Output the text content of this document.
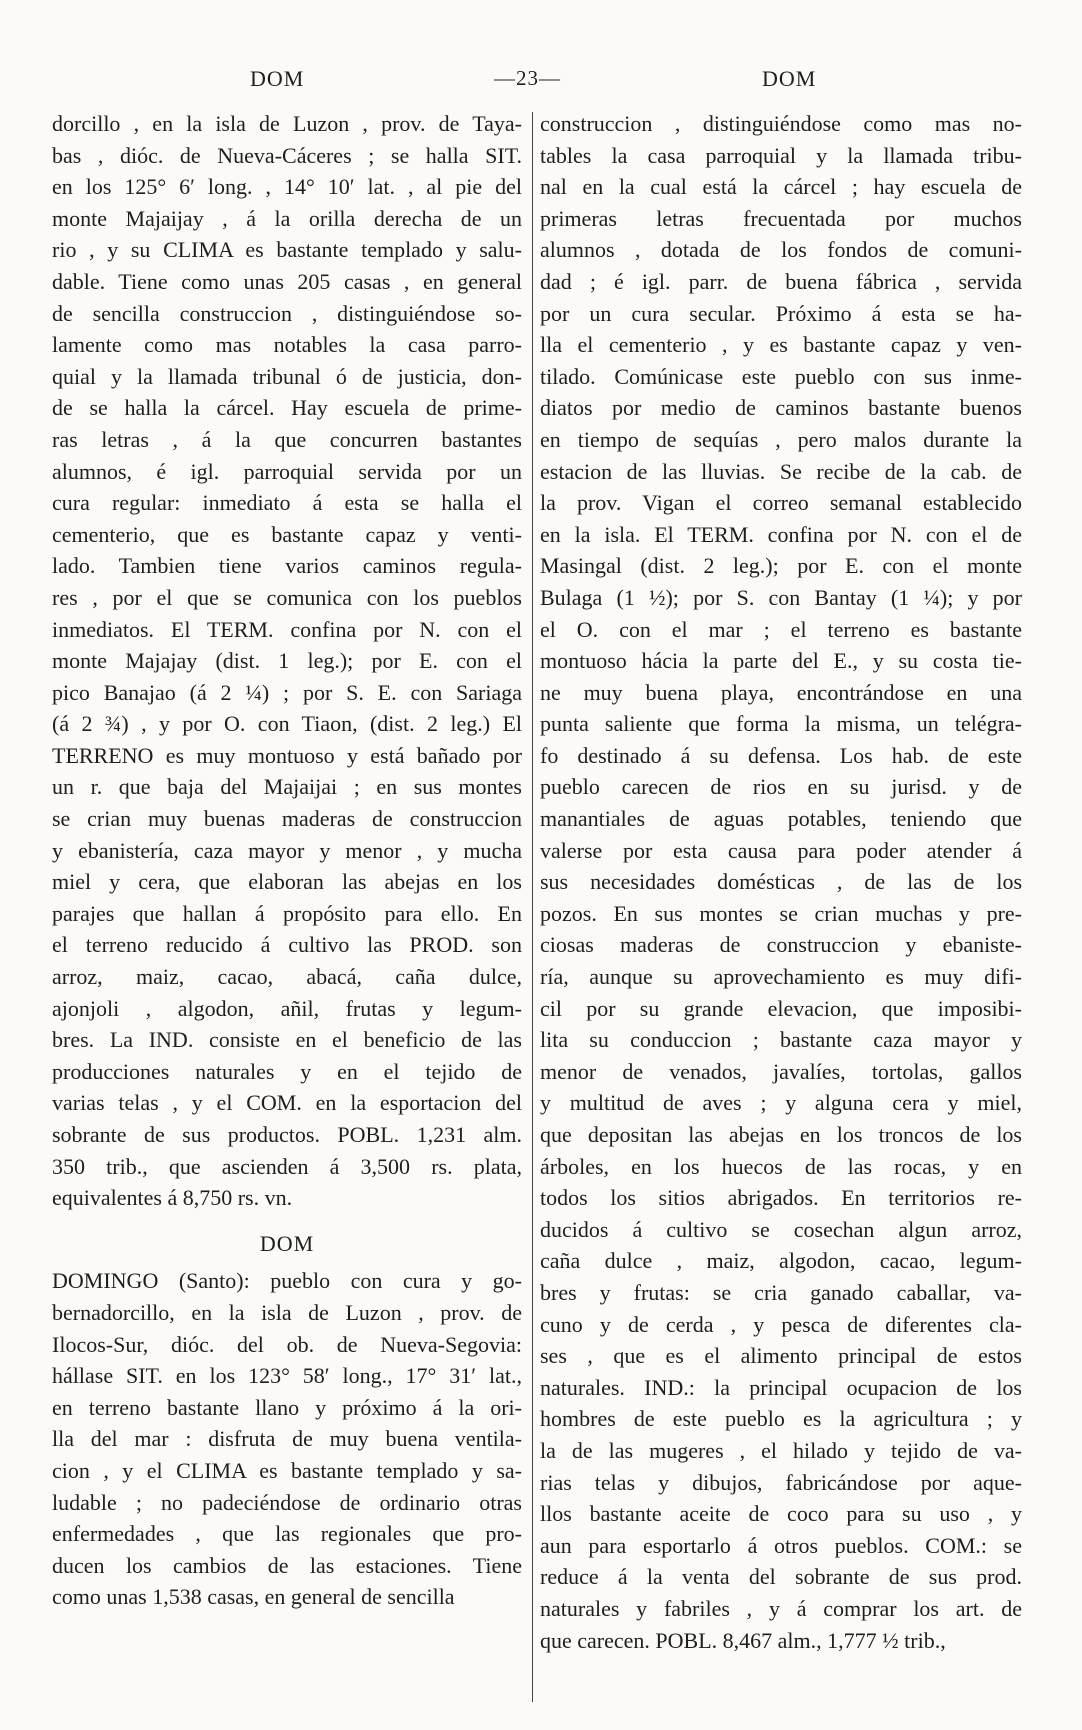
DOM	—23—	DOM
dorcillo , en la isla de Luzon , prov. de Taya-
bas , dióc. de Nueva-Cáceres ; se halla SIT.
en los 125° 6′ long. , 14° 10′ lat. , al pie del
monte Majaijay , á la orilla derecha de un
rio , y su CLIMA es bastante templado y salu-
dable. Tiene como unas 205 casas , en general
de sencilla construccion , distinguiéndose so-
lamente como mas notables la casa parro-
quial y la llamada tribunal ó de justicia, don-
de se halla la cárcel. Hay escuela de prime-
ras letras , á la que concurren bastantes
alumnos, é igl. parroquial servida por un
cura regular: inmediato á esta se halla el
cementerio, que es bastante capaz y venti-
lado. Tambien tiene varios caminos regula-
res , por el que se comunica con los pueblos
inmediatos. El TERM. confina por N. con el
monte Majajay (dist. 1 leg.); por E. con el
pico Banajao (á 2 ¼) ; por S. E. con Sariaga
(á 2 ¾) , y por O. con Tiaon, (dist. 2 leg.) El
TERRENO es muy montuoso y está bañado por
un r. que baja del Majaijai ; en sus montes
se crian muy buenas maderas de construccion
y ebanistería, caza mayor y menor , y mucha
miel y cera, que elaboran las abejas en los
parajes que hallan á propósito para ello. En
el terreno reducido á cultivo las PROD. son
arroz, maiz, cacao, abacá, caña dulce,
ajonjoli , algodon, añil, frutas y legum-
bres. La IND. consiste en el beneficio de las
producciones naturales y en el tejido de
varias telas , y el COM. en la esportacion del
sobrante de sus productos. POBL. 1,231 alm.
350 trib., que ascienden á 3,500 rs. plata,
equivalentes á 8,750 rs. vn.
DOM
DOMINGO (Santo): pueblo con cura y go-
bernadorcillo, en la isla de Luzon , prov. de
Ilocos-Sur, dióc. del ob. de Nueva-Segovia:
hállase SIT. en los 123° 58′ long., 17° 31′ lat.,
en terreno bastante llano y próximo á la ori-
lla del mar : disfruta de muy buena ventila-
cion , y el CLIMA es bastante templado y sa-
ludable ; no padeciéndose de ordinario otras
enfermedades , que las regionales que pro-
ducen los cambios de las estaciones. Tiene
como unas 1,538 casas, en general de sencilla
construccion , distinguiéndose como mas no-
tables la casa parroquial y la llamada tribu-
nal en la cual está la cárcel ; hay escuela de
primeras letras frecuentada por muchos
alumnos , dotada de los fondos de comuni-
dad ; é igl. parr. de buena fábrica , servida
por un cura secular. Próximo á esta se ha-
lla el cementerio , y es bastante capaz y ven-
tilado. Comúnicase este pueblo con sus inme-
diatos por medio de caminos bastante buenos
en tiempo de sequías , pero malos durante la
estacion de las lluvias. Se recibe de la cab. de
la prov. Vigan el correo semanal establecido
en la isla. El TERM. confina por N. con el de
Masingal (dist. 2 leg.); por E. con el monte
Bulaga (1 ½); por S. con Bantay (1 ¼); y por
el O. con el mar ; el terreno es bastante
montuoso hácia la parte del E., y su costa tie-
ne muy buena playa, encontrándose en una
punta saliente que forma la misma, un telégra-
fo destinado á su defensa. Los hab. de este
pueblo carecen de rios en su jurisd. y de
manantiales de aguas potables, teniendo que
valerse por esta causa para poder atender á
sus necesidades domésticas , de las de los
pozos. En sus montes se crian muchas y pre-
ciosas maderas de construccion y ebaniste-
ría, aunque su aprovechamiento es muy difi-
cil por su grande elevacion, que imposibi-
lita su conduccion ; bastante caza mayor y
menor de venados, javalíes, tortolas, gallos
y multitud de aves ; y alguna cera y miel,
que depositan las abejas en los troncos de los
árboles, en los huecos de las rocas, y en
todos los sitios abrigados. En territorios re-
ducidos á cultivo se cosechan algun arroz,
caña dulce , maiz, algodon, cacao, legum-
bres y frutas: se cria ganado caballar, va-
cuno y de cerda , y pesca de diferentes cla-
ses , que es el alimento principal de estos
naturales. IND.: la principal ocupacion de los
hombres de este pueblo es la agricultura ; y
la de las mugeres , el hilado y tejido de va-
rias telas y dibujos, fabricándose por aque-
llos bastante aceite de coco para su uso , y
aun para esportarlo á otros pueblos. COM.: se
reduce á la venta del sobrante de sus prod.
naturales y fabriles , y á comprar los art. de
que carecen. POBL. 8,467 alm., 1,777 ½ trib.,
